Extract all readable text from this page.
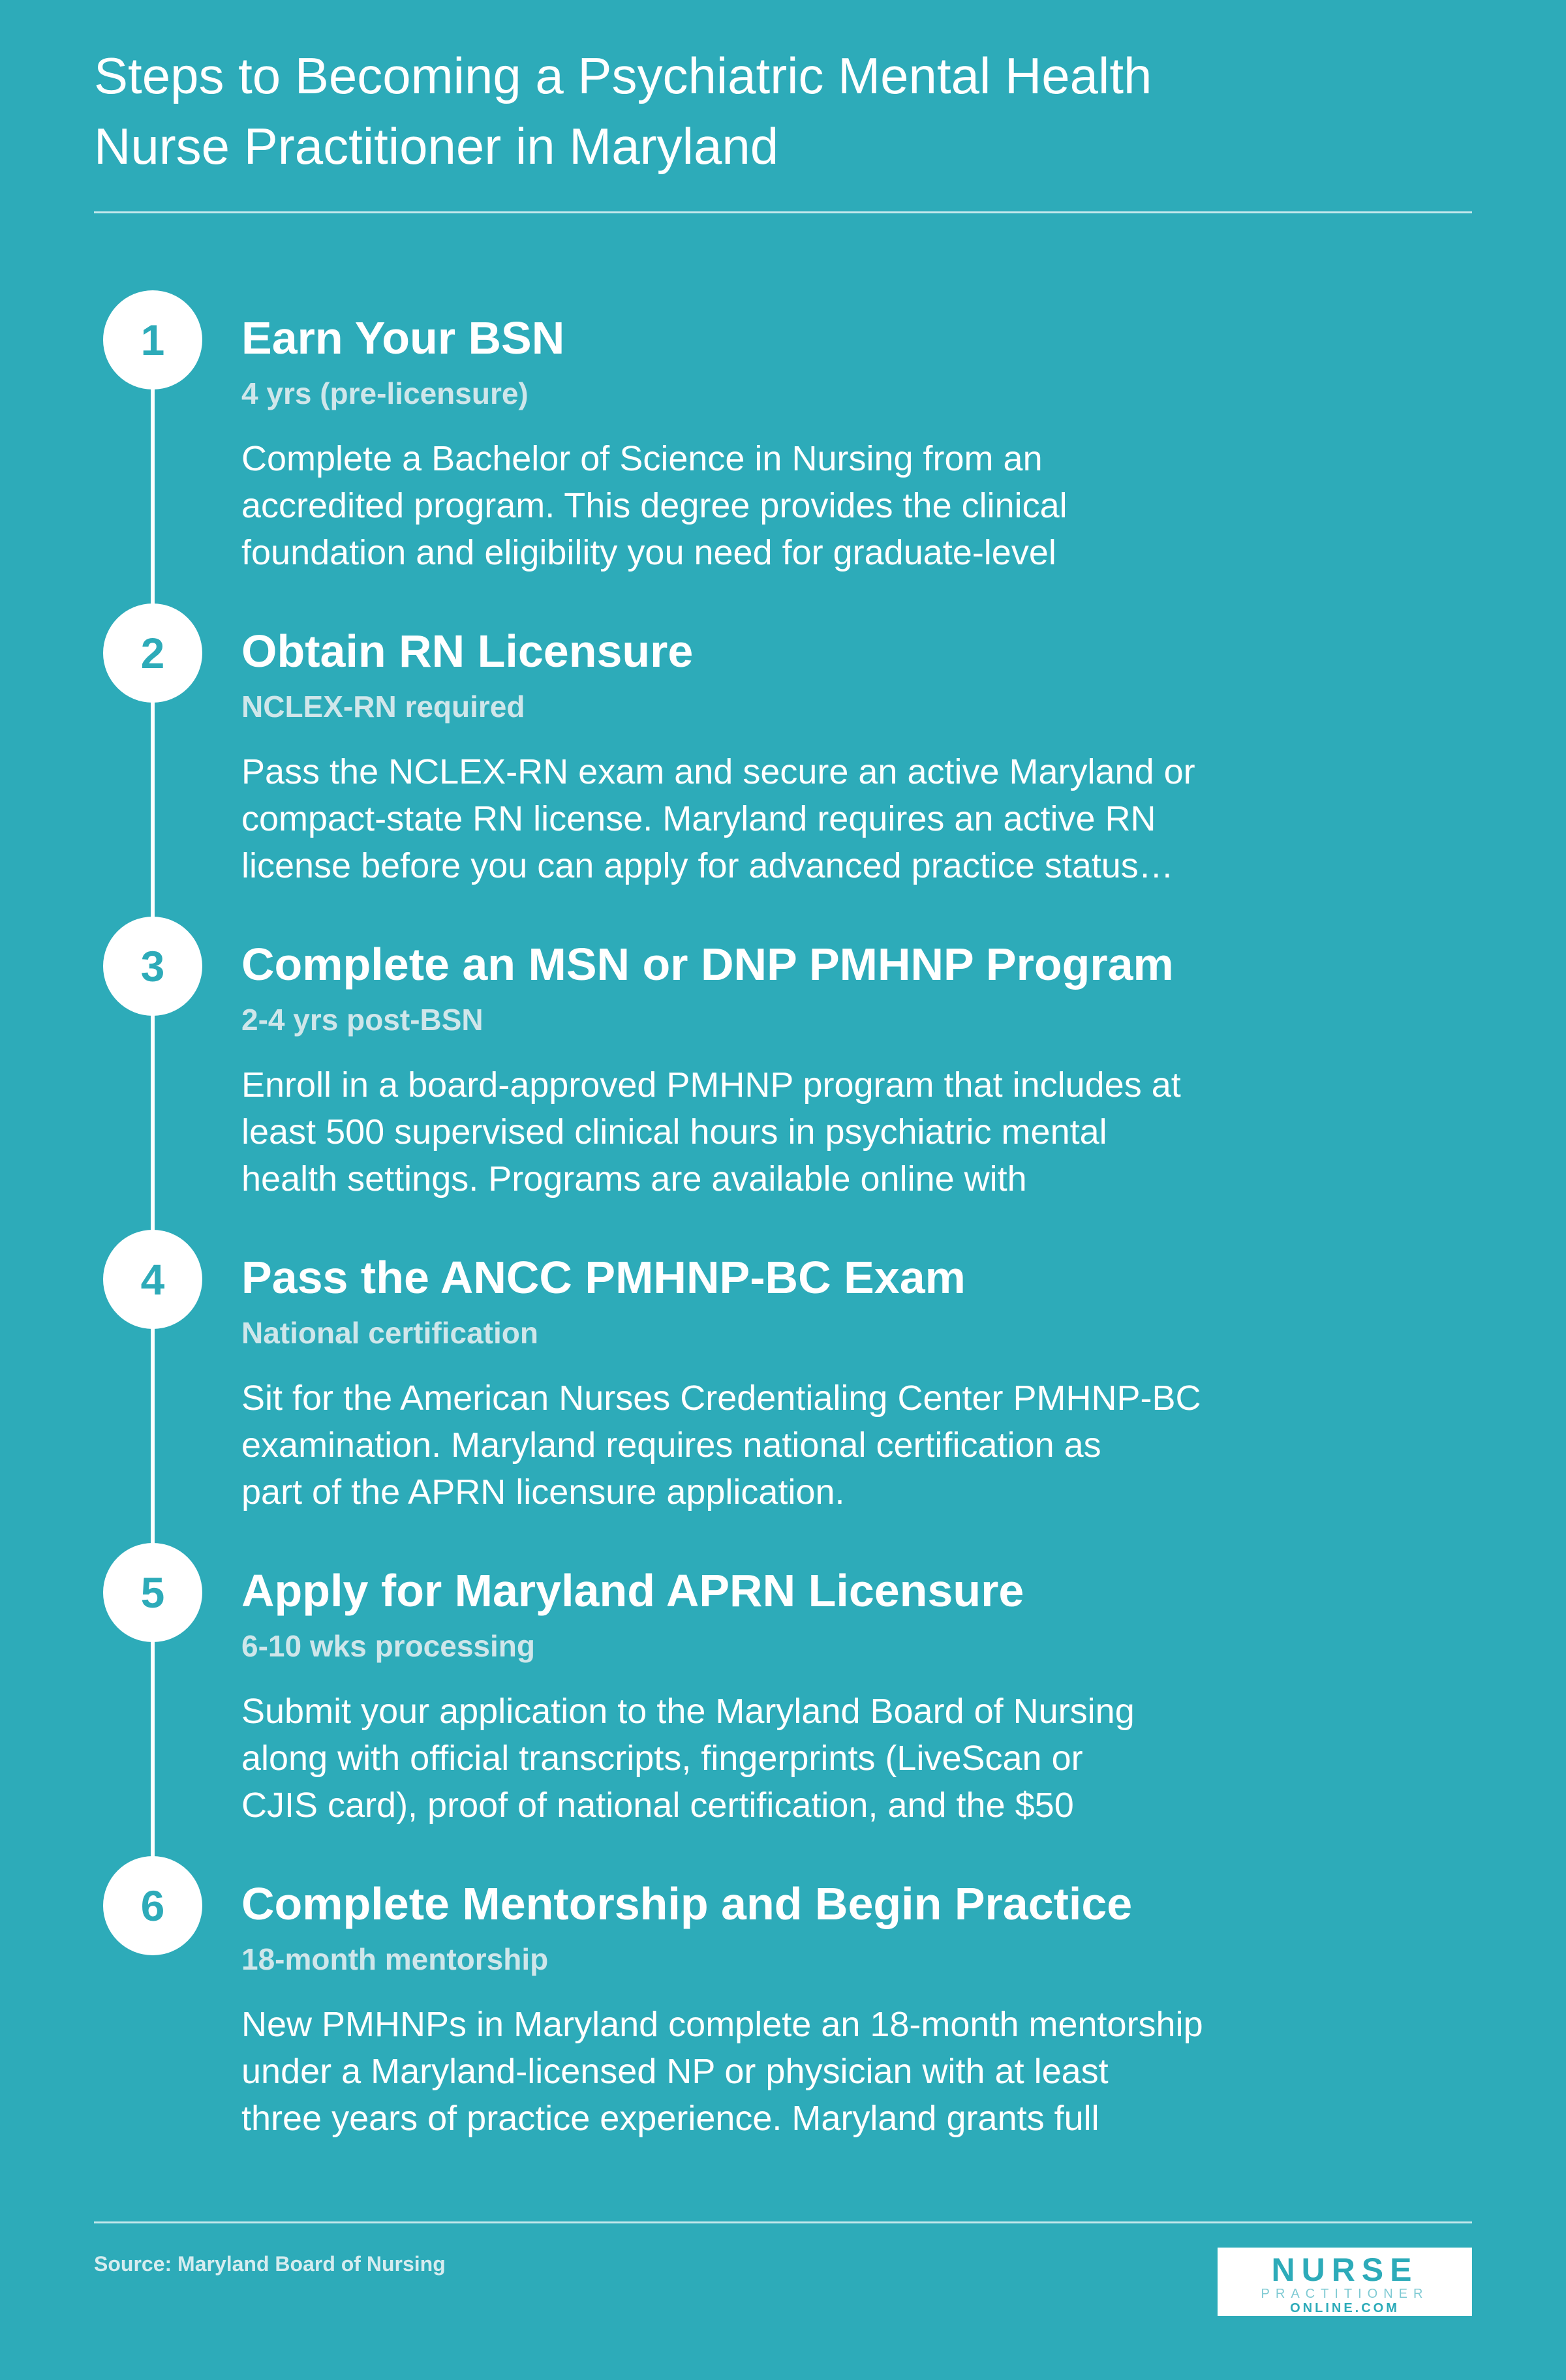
Steps to Becoming a Psychiatric Mental Health
Nurse Practitioner in Maryland
1	Earn Your BSN
4 yrs (pre-licensure)
Complete a Bachelor of Science in Nursing from an
accredited program. This degree provides the clinical
foundation and eligibility you need for graduate-level
2	Obtain RN Licensure
NCLEX-RN required
Pass the NCLEX-RN exam and secure an active Maryland or
compact-state RN license. Maryland requires an active RN
license before you can apply for advanced practice status…
3	Complete an MSN or DNP PMHNP Program
2-4 yrs post-BSN
Enroll in a board-approved PMHNP program that includes at
least 500 supervised clinical hours in psychiatric mental
health settings. Programs are available online with
4	Pass the ANCC PMHNP-BC Exam
National certification
Sit for the American Nurses Credentialing Center PMHNP-BC
examination. Maryland requires national certification as
part of the APRN licensure application.
5	Apply for Maryland APRN Licensure
6-10 wks processing
Submit your application to the Maryland Board of Nursing
along with official transcripts, fingerprints (LiveScan or
CJIS card), proof of national certification, and the $50
6	Complete Mentorship and Begin Practice
18-month mentorship
New PMHNPs in Maryland complete an 18-month mentorship
under a Maryland-licensed NP or physician with at least
three years of practice experience. Maryland grants full
Source: Maryland Board of Nursing	NURSE
PRACTITIONER
ONLINE.COM
